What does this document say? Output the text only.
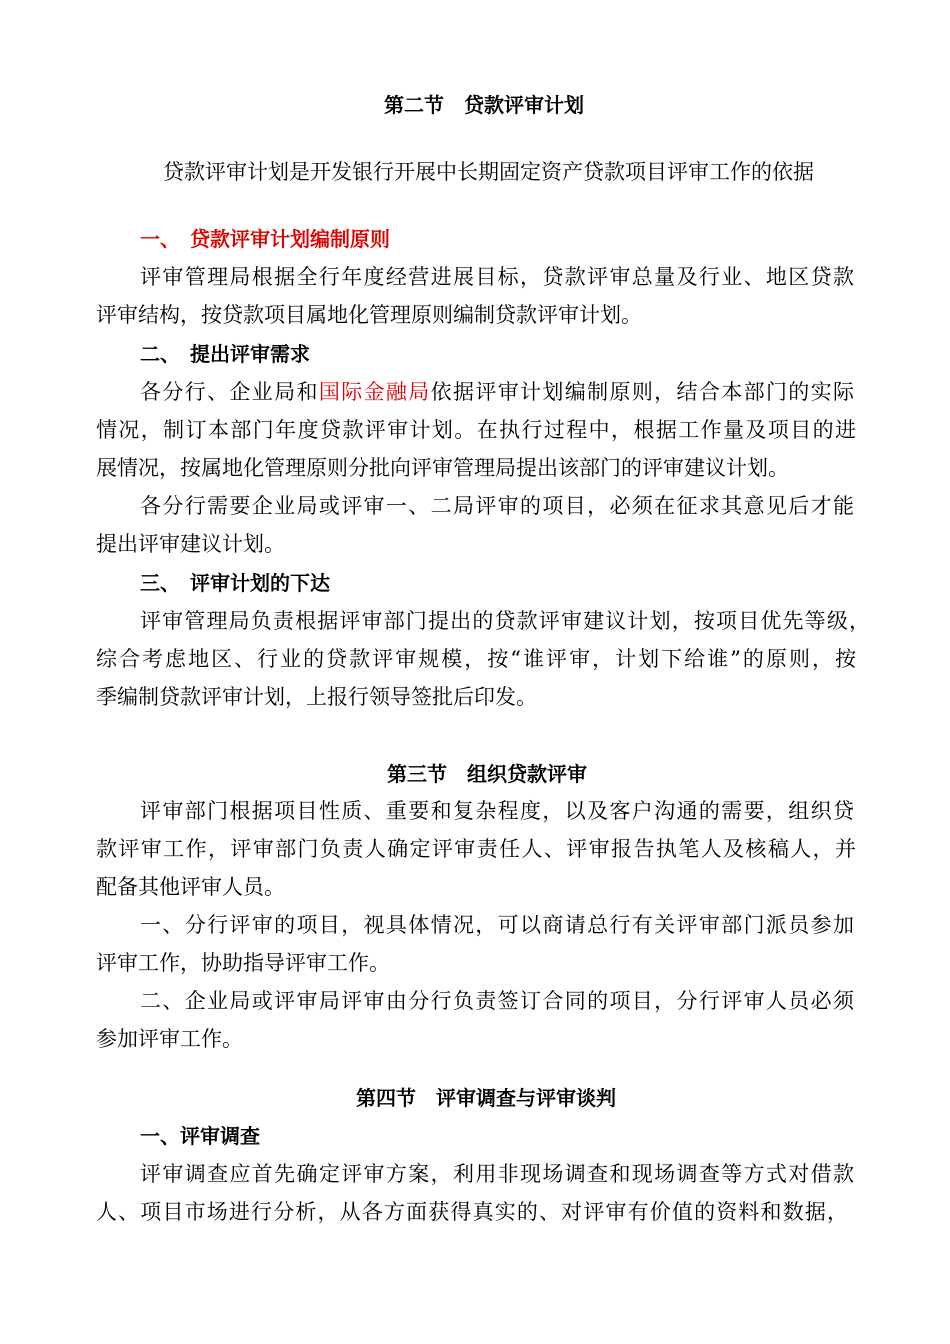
第二节　贷款评审计划
贷款评审计划是开发银行开展中长期固定资产贷款项目评审工作的依据
一、　贷款评审计划编制原则
评审管理局根据全行年度经营进展目标，贷款评审总量及行业、地区贷款
评审结构，按贷款项目属地化管理原则编制贷款评审计划。
二、　提出评审需求
各分行、企业局和国际金融局依据评审计划编制原则，结合本部门的实际
情况，制订本部门年度贷款评审计划。在执行过程中，根据工作量及项目的进
展情况，按属地化管理原则分批向评审管理局提出该部门的评审建议计划。
各分行需要企业局或评审一、二局评审的项目，必须在征求其意见后才能
提出评审建议计划。
三、　评审计划的下达
评审管理局负责根据评审部门提出的贷款评审建议计划，按项目优先等级，
综合考虑地区、行业的贷款评审规模，按“谁评审，计划下给谁”的原则，按
季编制贷款评审计划，上报行领导签批后印发。
第三节　组织贷款评审
评审部门根据项目性质、重要和复杂程度，以及客户沟通的需要，组织贷
款评审工作，评审部门负责人确定评审责任人、评审报告执笔人及核稿人，并
配备其他评审人员。
一、分行评审的项目，视具体情况，可以商请总行有关评审部门派员参加
评审工作，协助指导评审工作。
二、企业局或评审局评审由分行负责签订合同的项目，分行评审人员必须
参加评审工作。
第四节　评审调查与评审谈判
一、评审调查
评审调查应首先确定评审方案，利用非现场调查和现场调查等方式对借款
人、项目市场进行分析，从各方面获得真实的、对评审有价值的资料和数据，
